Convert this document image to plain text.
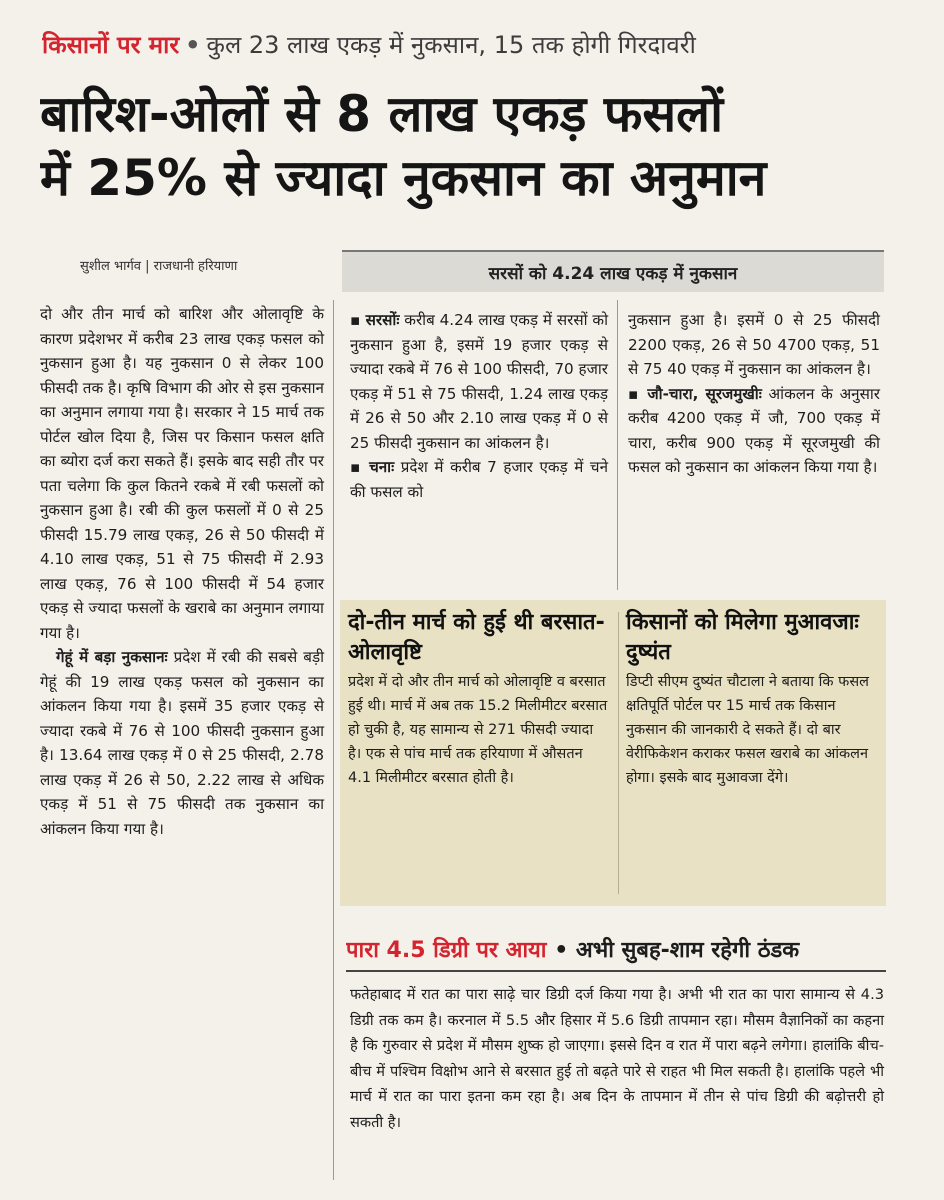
किसानों पर मार • कुल 23 लाख एकड़ में नुकसान, 15 तक होगी गिरदावरी
बारिश-ओलों से 8 लाख एकड़ फसलों
में 25% से ज्यादा नुकसान का अनुमान
सुशील भार्गव | राजधानी हरियाणा

दो और तीन मार्च को बारिश और ओलावृष्टि के कारण प्रदेशभर में करीब 23 लाख एकड़ फसल को नुकसान हुआ है। यह नुकसान 0 से लेकर 100 फीसदी तक है। कृषि विभाग की ओर से इस नुकसान का अनुमान लगाया गया है। सरकार ने 15 मार्च तक पोर्टल खोल दिया है, जिस पर किसान फसल क्षति का ब्योरा दर्ज करा सकते हैं। इसके बाद सही तौर पर पता चलेगा कि कुल कितने रकबे में रबी फसलों को नुकसान हुआ है। रबी की कुल फसलों में 0 से 25 फीसदी 15.79 लाख एकड़, 26 से 50 फीसदी में 4.10 लाख एकड़, 51 से 75 फीसदी में 2.93 लाख एकड़, 76 से 100 फीसदी में 54 हजार एकड़ से ज्यादा फसलों के खराबे का अनुमान लगाया गया है।

गेहूं में बड़ा नुकसानः प्रदेश में रबी की सबसे बड़ी गेहूं की 19 लाख एकड़ फसल को नुकसान का आंकलन किया गया है। इसमें 35 हजार एकड़ से ज्यादा रकबे में 76 से 100 फीसदी नुकसान हुआ है। 13.64 लाख एकड़ में 0 से 25 फीसदी, 2.78 लाख एकड़ में 26 से 50, 2.22 लाख से अधिक एकड़ में 51 से 75 फीसदी तक नुकसान का आंकलन किया गया है।

सरसों को 4.24 लाख एकड़ में नुकसान

▪ सरसोंः करीब 4.24 लाख एकड़ में सरसों को नुकसान हुआ है, इसमें 19 हजार एकड़ से ज्यादा रकबे में 76 से 100 फीसदी, 70 हजार एकड़ में 51 से 75 फीसदी, 1.24 लाख एकड़ में 26 से 50 और 2.10 लाख एकड़ में 0 से 25 फीसदी नुकसान का आंकलन है।

▪ चनाः प्रदेश में करीब 7 हजार एकड़ में चने की फसल को

नुकसान हुआ है। इसमें 0 से 25 फीसदी 2200 एकड़, 26 से 50 4700 एकड़, 51 से 75 40 एकड़ में नुकसान का आंकलन है।

▪ जौ-चारा, सूरजमुखीः आंकलन के अनुसार करीब 4200 एकड़ में जौ, 700 एकड़ में चारा, करीब 900 एकड़ में सूरजमुखी की फसल को नुकसान का आंकलन किया गया है।

दो-तीन मार्च को हुई थी बरसात-ओलावृष्टि
प्रदेश में दो और तीन मार्च को ओलावृष्टि व बरसात हुई थी। मार्च में अब तक 15.2 मिलीमीटर बरसात हो चुकी है, यह सामान्य से 271 फीसदी ज्यादा है। एक से पांच मार्च तक हरियाणा में औसतन 4.1 मिलीमीटर बरसात होती है।
किसानों को मिलेगा मुआवजाः दुष्यंत
डिप्टी सीएम दुष्यंत चौटाला ने बताया कि फसल क्षतिपूर्ति पोर्टल पर 15 मार्च तक किसान नुकसान की जानकारी दे सकते हैं। दो बार वेरीफिकेशन कराकर फसल खराबे का आंकलन होगा। इसके बाद मुआवजा देंगे।
पारा 4.5 डिग्री पर आया • अभी सुबह-शाम रहेगी ठंडक
फतेहाबाद में रात का पारा साढ़े चार डिग्री दर्ज किया गया है। अभी भी रात का पारा सामान्य से 4.3 डिग्री तक कम है। करनाल में 5.5 और हिसार में 5.6 डिग्री तापमान रहा। मौसम वैज्ञानिकों का कहना है कि गुरुवार से प्रदेश में मौसम शुष्क हो जाएगा। इससे दिन व रात में पारा बढ़ने लगेगा। हालांकि बीच-बीच में पश्चिम विक्षोभ आने से बरसात हुई तो बढ़ते पारे से राहत भी मिल सकती है। हालांकि पहले भी मार्च में रात का पारा इतना कम रहा है। अब दिन के तापमान में तीन से पांच डिग्री की बढ़ोत्तरी हो सकती है।
